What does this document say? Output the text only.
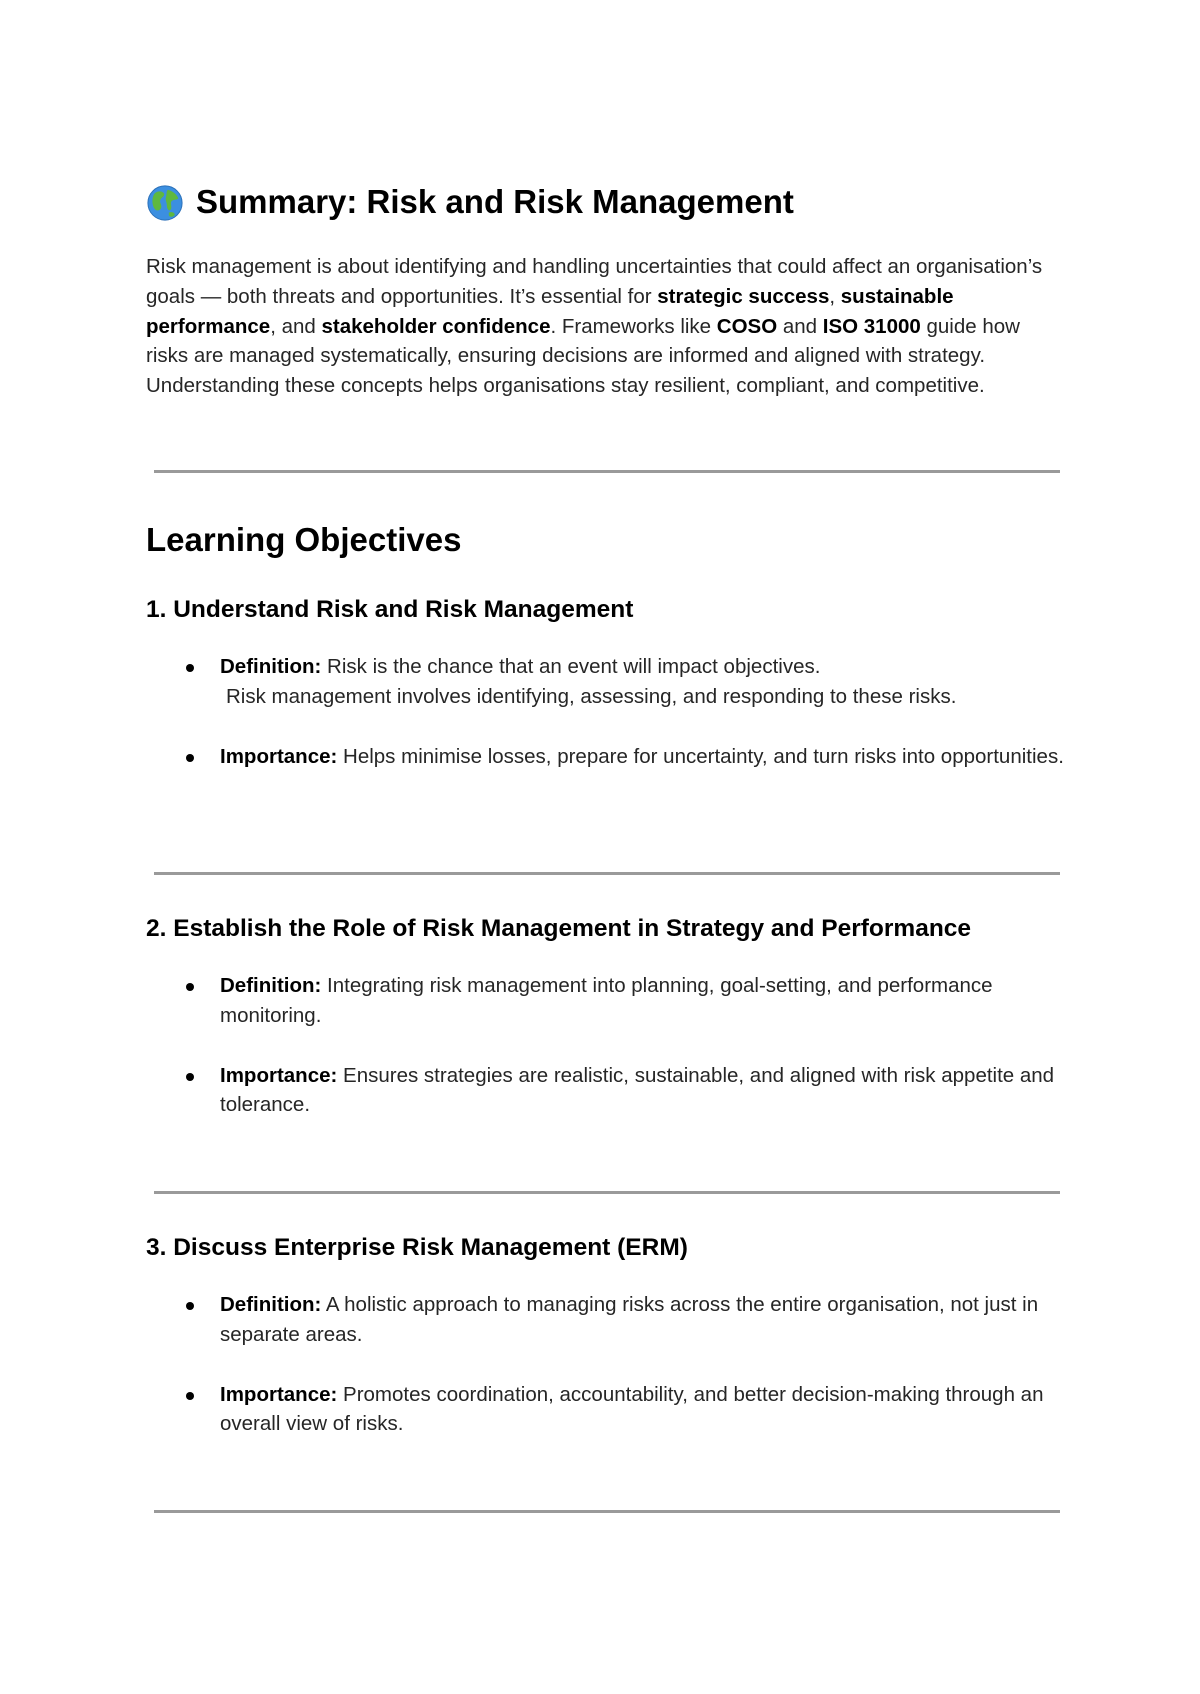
Summary: Risk and Risk Management

Risk management is about identifying and handling uncertainties that could affect an organisation’s goals — both threats and opportunities. It’s essential for strategic success, sustainable performance, and stakeholder confidence. Frameworks like COSO and ISO 31000 guide how risks are managed systematically, ensuring decisions are informed and aligned with strategy. Understanding these concepts helps organisations stay resilient, compliant, and competitive.

Learning Objectives
1. Understand Risk and Risk Management
Definition: Risk is the chance that an event will impact objectives.
Risk management involves identifying, assessing, and responding to these risks.
Importance: Helps minimise losses, prepare for uncertainty, and turn risks into opportunities.
2. Establish the Role of Risk Management in Strategy and Performance
Definition: Integrating risk management into planning, goal-setting, and performance monitoring.
Importance: Ensures strategies are realistic, sustainable, and aligned with risk appetite and tolerance.
3. Discuss Enterprise Risk Management (ERM)
Definition: A holistic approach to managing risks across the entire organisation, not just in separate areas.
Importance: Promotes coordination, accountability, and better decision-making through an overall view of risks.
